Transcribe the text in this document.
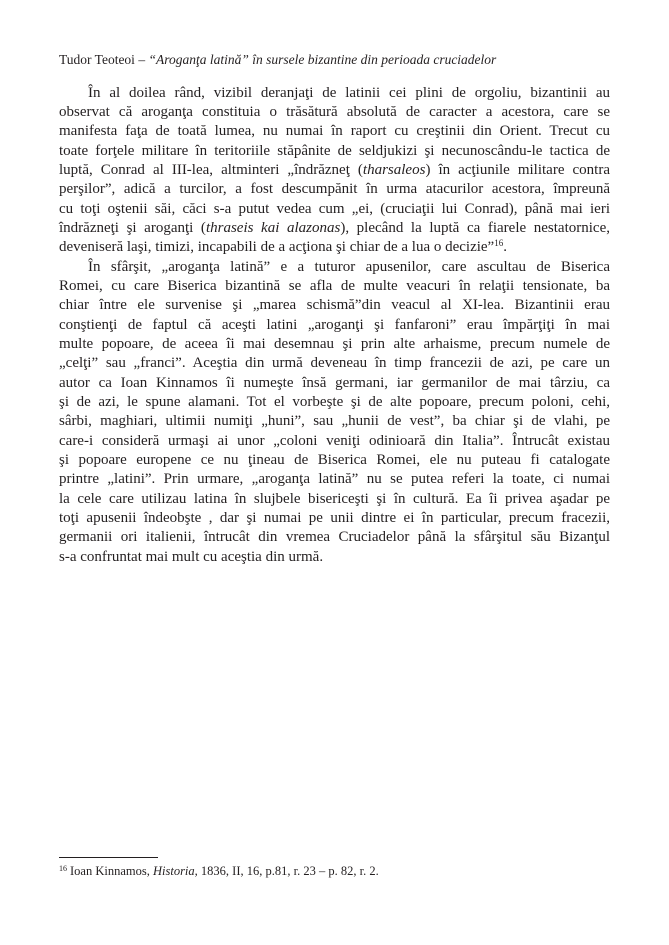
Tudor Teoteoi – “Aroganţa latină” în sursele bizantine din perioada cruciadelor
În al doilea rând, vizibil deranjaţi de latinii cei plini de orgoliu, bizantinii au
observat că aroganţa constituia o trăsătură absolută de caracter a acestora, care se
manifesta faţa de toată lumea, nu numai în raport cu creştinii din Orient. Trecut cu
toate forţele militare în teritoriile stăpânite de seldjukizi şi necunoscându-le tactica de
luptă, Conrad al III-lea, altminteri „îndrăzneţ (tharsaleos) în acţiunile militare contra
perşilor”, adică a turcilor, a fost descumpănit în urma atacurilor acestora, împreună
cu toţi oştenii săi, căci s-a putut vedea cum „ei, (cruciaţii lui Conrad), până mai ieri
îndrăzneţi şi aroganţi (thraseis kai alazonas), plecând la luptă ca fiarele nestatornice,
deveniseră laşi, timizi, incapabili de a acţiona şi chiar de a lua o decizie”$^{16}$.
În sfârşit, „aroganţa latină” e a tuturor apusenilor, care ascultau de Biserica
Romei, cu care Biserica bizantină se afla de multe veacuri în relaţii tensionate, ba
chiar între ele survenise şi „marea schismă”din veacul al XI-lea. Bizantinii erau
conştienţi de faptul că aceşti latini „aroganţi şi fanfaroni” erau împărţiţi în mai
multe popoare, de aceea îi mai desemnau şi prin alte arhaisme, precum numele de
„celţi” sau „franci”. Aceştia din urmă deveneau în timp francezii de azi, pe care un
autor ca Ioan Kinnamos îi numeşte însă germani, iar germanilor de mai târziu, ca
şi de azi, le spune alamani. Tot el vorbeşte şi de alte popoare, precum poloni, cehi,
sârbi, maghiari, ultimii numiţi „huni”, sau „hunii de vest”, ba chiar şi de vlahi, pe
care-i consideră urmaşi ai unor „coloni veniţi odinioară din Italia”. Întrucât existau
şi popoare europene ce nu ţineau de Biserica Romei, ele nu puteau fi catalogate
printre „latini”. Prin urmare, „aroganţa latină” nu se putea referi la toate, ci numai
la cele care utilizau latina în slujbele bisericeşti şi în cultură. Ea îi privea aşadar pe
toţi apusenii îndeobşte , dar şi numai pe unii dintre ei în particular, precum fracezii,
germanii ori italienii, întrucât din vremea Cruciadelor până la sfârşitul său Bizanţul
s-a confruntat mai mult cu aceştia din urmă.
$^{16}$ Ioan Kinnamos, Historia, 1836, II, 16, p.81, r. 23 – p. 82, r. 2.
